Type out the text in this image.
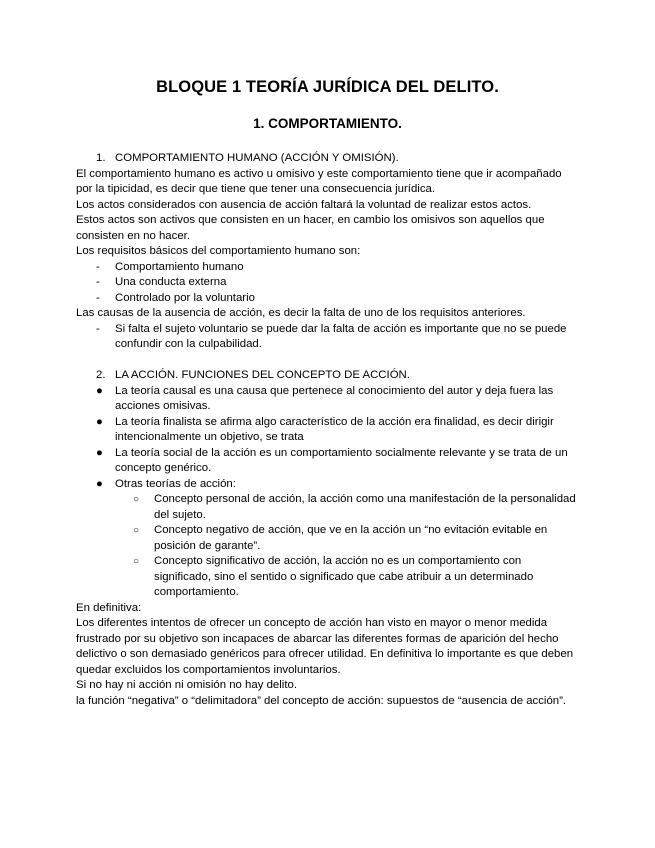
BLOQUE 1 TEORÍA JURÍDICA DEL DELITO.
1. COMPORTAMIENTO.

1. COMPORTAMIENTO HUMANO (ACCIÓN Y OMISIÓN).

El comportamiento humano es activo u omisivo y este comportamiento tiene que ir acompañado por la tipicidad, es decir que tiene que tener una consecuencia jurídica.

Los actos considerados con ausencia de acción faltará la voluntad de realizar estos actos.

Estos actos son activos que consisten en un hacer, en cambio los omisivos son aquellos que consisten en no hacer.

Los requisitos básicos del comportamiento humano son:

- Comportamiento humano

- Una conducta externa

- Controlado por la voluntario

Las causas de la ausencia de acción, es decir la falta de uno de los requisitos anteriores.

- Si falta el sujeto voluntario se puede dar la falta de acción es importante que no se puede confundir con la culpabilidad.

2. LA ACCIÓN. FUNCIONES DEL CONCEPTO DE ACCIÓN.

● La teoría causal es una causa que pertenece al conocimiento del autor y deja fuera las acciones omisivas.

● La teoría finalista se afirma algo característico de la acción era finalidad, es decir dirigir intencionalmente un objetivo, se trata

● La teoría social de la acción es un comportamiento socialmente relevante y se trata de un concepto genérico.

● Otras teorías de acción:

○ Concepto personal de acción, la acción como una manifestación de la personalidad del sujeto.

○ Concepto negativo de acción, que ve en la acción un “no evitación evitable en posición de garante”.

○ Concepto significativo de acción, la acción no es un comportamiento con significado, sino el sentido o significado que cabe atribuir a un determinado comportamiento.

En definitiva:

Los diferentes intentos de ofrecer un concepto de acción han visto en mayor o menor medida frustrado por su objetivo son incapaces de abarcar las diferentes formas de aparición del hecho delictivo o son demasiado genéricos para ofrecer utilidad. En definitiva lo importante es que deben quedar excluidos los comportamientos involuntarios.

Si no hay ni acción ni omisión no hay delito.

la función “negativa” o “delimitadora” del concepto de acción: supuestos de “ausencia de acción”.
